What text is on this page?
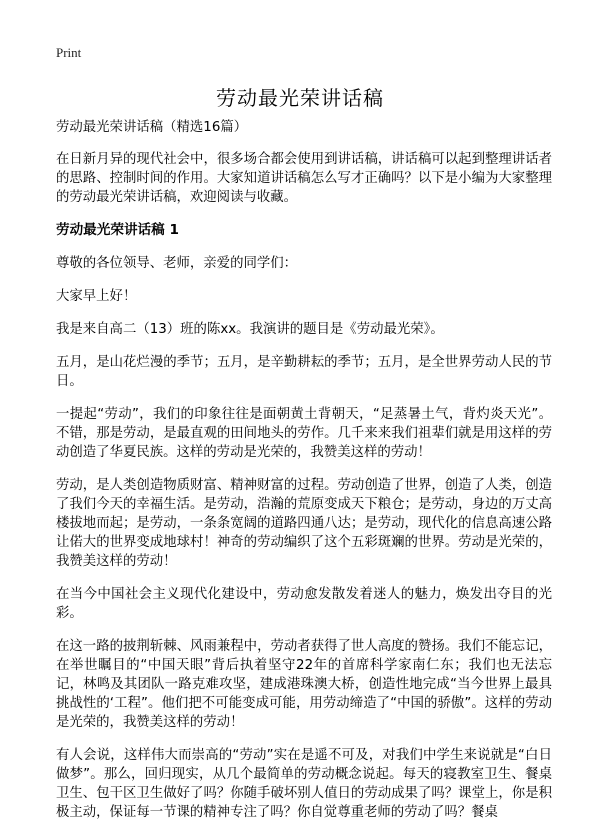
Print
劳动最光荣讲话稿

劳动最光荣讲话稿（精选16篇）

在日新月异的现代社会中，很多场合都会使用到讲话稿，讲话稿可以起到整理讲话者的思路、控制时间的作用。大家知道讲话稿怎么写才正确吗？以下是小编为大家整理的劳动最光荣讲话稿，欢迎阅读与收藏。

劳动最光荣讲话稿 1

尊敬的各位领导、老师，亲爱的同学们：

大家早上好！

我是来自高二（13）班的陈xx。我演讲的题目是《劳动最光荣》。

五月，是山花烂漫的季节；五月，是辛勤耕耘的季节；五月，是全世界劳动人民的节日。

一提起“劳动”，我们的印象往往是面朝黄土背朝天，“足蒸暑土气，背灼炎天光”。不错，那是劳动，是最直观的田间地头的劳作。几千来来我们祖辈们就是用这样的劳动创造了华夏民族。这样的劳动是光荣的，我赞美这样的劳动！

劳动，是人类创造物质财富、精神财富的过程。劳动创造了世界，创造了人类，创造了我们今天的幸福生活。是劳动，浩瀚的荒原变成天下粮仓；是劳动，身边的万丈高楼拔地而起；是劳动，一条条宽阔的道路四通八达；是劳动，现代化的信息高速公路让偌大的世界变成地球村！神奇的劳动编织了这个五彩斑斓的世界。劳动是光荣的，我赞美这样的劳动！

在当今中国社会主义现代化建设中，劳动愈发散发着迷人的魅力，焕发出夺目的光彩。

在这一路的披荆斩棘、风雨兼程中，劳动者获得了世人高度的赞扬。我们不能忘记，在举世瞩目的“中国天眼”背后执着坚守22年的首席科学家南仁东；我们也无法忘记，林鸣及其团队一路克难攻坚，建成港珠澳大桥，创造性地完成“当今世界上最具挑战性的‘工程”。他们把不可能变成可能，用劳动缔造了“中国的骄傲”。这样的劳动是光荣的，我赞美这样的劳动！

有人会说，这样伟大而崇高的“劳动”实在是遥不可及，对我们中学生来说就是“白日做梦”。那么，回归现实，从几个最简单的劳动概念说起。每天的寝教室卫生、餐桌卫生、包干区卫生做好了吗？你随手破坏别人值日的劳动成果了吗？课堂上，你是积极主动，保证每一节课的精神专注了吗？你自觉尊重老师的劳动了吗？餐桌
